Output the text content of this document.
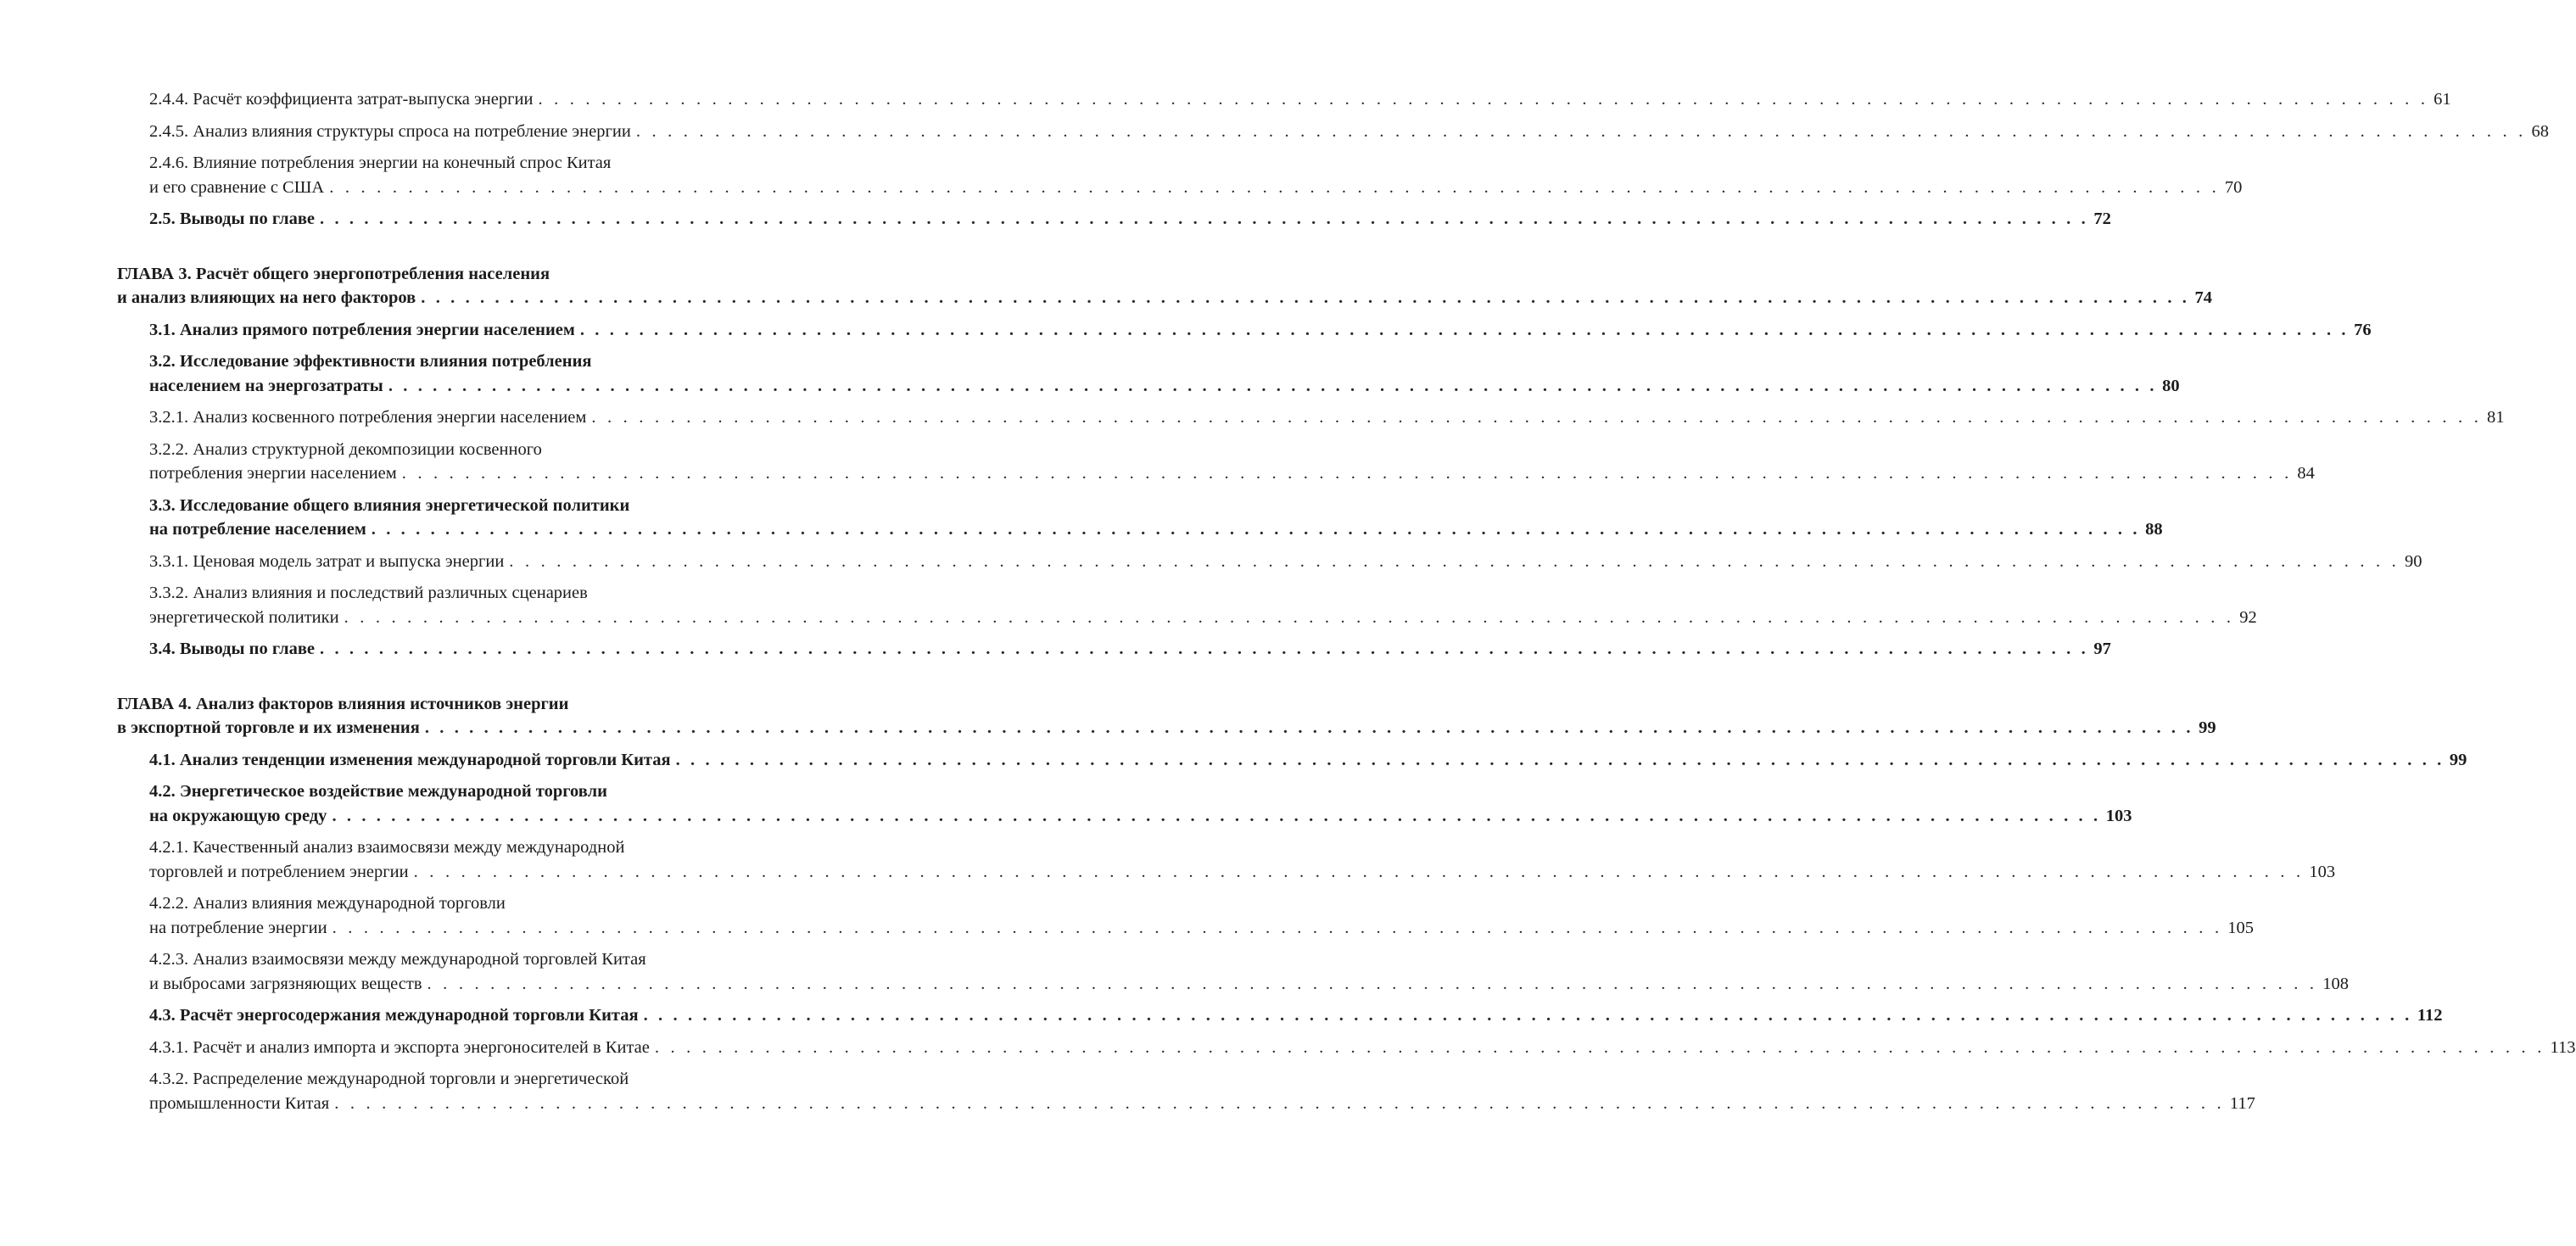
2.4.4. Расчёт коэффициента затрат-выпуска энергии . . . . . . . . . . . . . . . . . . . . . . . . . . . . . . . . . . . . . . . . . . . . . . . . . . . . . . . . . . . . . . . . . . . . . . . . . . . . . . . . . . . . . . . . . . . . . . . . . . . . . . . . . . . . . . . . . . . . . . . . 61
2.4.5. Анализ влияния структуры спроса на потребление энергии . . . . . . . . . . . . . . . . . . . . . . . . . . . . . . . . . . . . . . . . . . . . . . . . . . . . . . . . . . . . . . . . . . . . . . . . . . . . . . . . . . . . . . . . . . . . . . . . . . . . . . . . . . . . . . . . . . . . . . . . 68
2.4.6. Влияние потребления энергии на конечный спрос Китая
и его сравнение с США . . . . . . . . . . . . . . . . . . . . . . . . . . . . . . . . . . . . . . . . . . . . . . . . . . . . . . . . . . . . . . . . . . . . . . . . . . . . . . . . . . . . . . . . . . . . . . . . . . . . . . . . . . . . . . . . . . . . . . . . 70
2.5. Выводы по главе . . . . . . . . . . . . . . . . . . . . . . . . . . . . . . . . . . . . . . . . . . . . . . . . . . . . . . . . . . . . . . . . . . . . . . . . . . . . . . . . . . . . . . . . . . . . . . . . . . . . . . . . . . . . . . . . . . . . . . . . 72
ГЛАВА 3. Расчёт общего энергопотребления населения
и анализ влияющих на него факторов . . . . . . . . . . . . . . . . . . . . . . . . . . . . . . . . . . . . . . . . . . . . . . . . . . . . . . . . . . . . . . . . . . . . . . . . . . . . . . . . . . . . . . . . . . . . . . . . . . . . . . . . . . . . . . . . . . . . . . . . 74
3.1. Анализ прямого потребления энергии населением . . . . . . . . . . . . . . . . . . . . . . . . . . . . . . . . . . . . . . . . . . . . . . . . . . . . . . . . . . . . . . . . . . . . . . . . . . . . . . . . . . . . . . . . . . . . . . . . . . . . . . . . . . . . . . . . . . . . . . . . 76
3.2. Исследование эффективности влияния потребления
населением на энергозатраты . . . . . . . . . . . . . . . . . . . . . . . . . . . . . . . . . . . . . . . . . . . . . . . . . . . . . . . . . . . . . . . . . . . . . . . . . . . . . . . . . . . . . . . . . . . . . . . . . . . . . . . . . . . . . . . . . . . . . . . . 80
3.2.1. Анализ косвенного потребления энергии населением . . . . . . . . . . . . . . . . . . . . . . . . . . . . . . . . . . . . . . . . . . . . . . . . . . . . . . . . . . . . . . . . . . . . . . . . . . . . . . . . . . . . . . . . . . . . . . . . . . . . . . . . . . . . . . . . . . . . . . . . 81
3.2.2. Анализ структурной декомпозиции косвенного
потребления энергии населением . . . . . . . . . . . . . . . . . . . . . . . . . . . . . . . . . . . . . . . . . . . . . . . . . . . . . . . . . . . . . . . . . . . . . . . . . . . . . . . . . . . . . . . . . . . . . . . . . . . . . . . . . . . . . . . . . . . . . . . . 84
3.3. Исследование общего влияния энергетической политики
на потребление населением . . . . . . . . . . . . . . . . . . . . . . . . . . . . . . . . . . . . . . . . . . . . . . . . . . . . . . . . . . . . . . . . . . . . . . . . . . . . . . . . . . . . . . . . . . . . . . . . . . . . . . . . . . . . . . . . . . . . . . . . 88
3.3.1. Ценовая модель затрат и выпуска энергии . . . . . . . . . . . . . . . . . . . . . . . . . . . . . . . . . . . . . . . . . . . . . . . . . . . . . . . . . . . . . . . . . . . . . . . . . . . . . . . . . . . . . . . . . . . . . . . . . . . . . . . . . . . . . . . . . . . . . . . . 90
3.3.2. Анализ влияния и последствий различных сценариев
энергетической политики . . . . . . . . . . . . . . . . . . . . . . . . . . . . . . . . . . . . . . . . . . . . . . . . . . . . . . . . . . . . . . . . . . . . . . . . . . . . . . . . . . . . . . . . . . . . . . . . . . . . . . . . . . . . . . . . . . . . . . . . 92
3.4. Выводы по главе . . . . . . . . . . . . . . . . . . . . . . . . . . . . . . . . . . . . . . . . . . . . . . . . . . . . . . . . . . . . . . . . . . . . . . . . . . . . . . . . . . . . . . . . . . . . . . . . . . . . . . . . . . . . . . . . . . . . . . . . 97
ГЛАВА 4. Анализ факторов влияния источников энергии
в экспортной торговле и их изменения . . . . . . . . . . . . . . . . . . . . . . . . . . . . . . . . . . . . . . . . . . . . . . . . . . . . . . . . . . . . . . . . . . . . . . . . . . . . . . . . . . . . . . . . . . . . . . . . . . . . . . . . . . . . . . . . . . . . . . . . 99
4.1. Анализ тенденции изменения международной торговли Китая . . . . . . . . . . . . . . . . . . . . . . . . . . . . . . . . . . . . . . . . . . . . . . . . . . . . . . . . . . . . . . . . . . . . . . . . . . . . . . . . . . . . . . . . . . . . . . . . . . . . . . . . . . . . . . . . . . . . . . . . 99
4.2. Энергетическое воздействие международной торговли
на окружающую среду . . . . . . . . . . . . . . . . . . . . . . . . . . . . . . . . . . . . . . . . . . . . . . . . . . . . . . . . . . . . . . . . . . . . . . . . . . . . . . . . . . . . . . . . . . . . . . . . . . . . . . . . . . . . . . . . . . . . . . . . 103
4.2.1. Качественный анализ взаимосвязи между международной
торговлей и потреблением энергии . . . . . . . . . . . . . . . . . . . . . . . . . . . . . . . . . . . . . . . . . . . . . . . . . . . . . . . . . . . . . . . . . . . . . . . . . . . . . . . . . . . . . . . . . . . . . . . . . . . . . . . . . . . . . . . . . . . . . . . . 103
4.2.2. Анализ влияния международной торговли
на потребление энергии . . . . . . . . . . . . . . . . . . . . . . . . . . . . . . . . . . . . . . . . . . . . . . . . . . . . . . . . . . . . . . . . . . . . . . . . . . . . . . . . . . . . . . . . . . . . . . . . . . . . . . . . . . . . . . . . . . . . . . . . 105
4.2.3. Анализ взаимосвязи между международной торговлей Китая
и выбросами загрязняющих веществ . . . . . . . . . . . . . . . . . . . . . . . . . . . . . . . . . . . . . . . . . . . . . . . . . . . . . . . . . . . . . . . . . . . . . . . . . . . . . . . . . . . . . . . . . . . . . . . . . . . . . . . . . . . . . . . . . . . . . . . . 108
4.3. Расчёт энергосодержания международной торговли Китая . . . . . . . . . . . . . . . . . . . . . . . . . . . . . . . . . . . . . . . . . . . . . . . . . . . . . . . . . . . . . . . . . . . . . . . . . . . . . . . . . . . . . . . . . . . . . . . . . . . . . . . . . . . . . . . . . . . . . . . . 112
4.3.1. Расчёт и анализ импорта и экспорта энергоносителей в Китае . . . . . . . . . . . . . . . . . . . . . . . . . . . . . . . . . . . . . . . . . . . . . . . . . . . . . . . . . . . . . . . . . . . . . . . . . . . . . . . . . . . . . . . . . . . . . . . . . . . . . . . . . . . . . . . . . . . . . . . . 113
4.3.2. Распределение международной торговли и энергетической
промышленности Китая . . . . . . . . . . . . . . . . . . . . . . . . . . . . . . . . . . . . . . . . . . . . . . . . . . . . . . . . . . . . . . . . . . . . . . . . . . . . . . . . . . . . . . . . . . . . . . . . . . . . . . . . . . . . . . . . . . . . . . . . 117
